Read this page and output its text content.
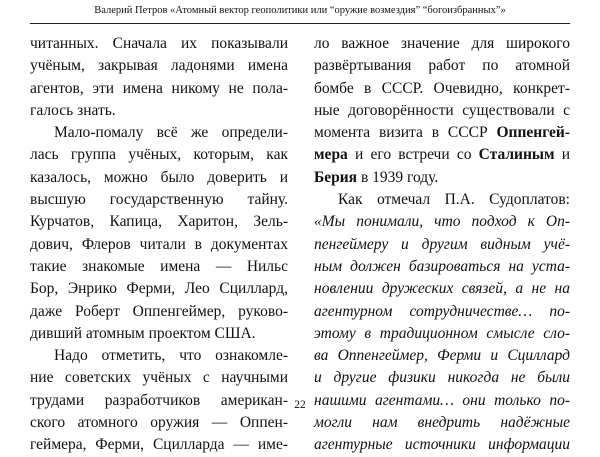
Валерий Петров «Атомный вектор геополитики или “оружие возмездия” “богоизбранных”»
читанных. Сначала их показывали
учёным, закрывая ладонями имена
агентов, эти имена никому не пола-
галось знать.
Мало-помалу всё же определи-
лась группа учёных, которым, как
казалось, можно было доверить и
высшую государственную тайну.
Курчатов, Капица, Харитон, Зель-
дович, Флеров читали в документах
такие знакомые имена — Нильс
Бор, Энрико Ферми, Лео Сциллард,
даже Роберт Оппенгеймер, руково-
дивший атомным проектом США.
Надо отметить, что ознакомле-
ние советских учёных с научными
трудами разработчиков американ-
ского атомного оружия — Оппен-
геймера, Ферми, Сциллардa — име-
ло важное значение для широкого
развёртывания работ по атомной
бомбе в СССР. Очевидно, конкрет-
ные договорённости существовали с
момента визита в СССР Оппенгей-
мера и его встречи со Сталиным и
Берия в 1939 году.
Как отмечал П.А. Судоплатов:
«Мы понимали, что подход к Оп-
пенгеймеру и другим видным учё-
ным должен базироваться на уста-
новлении дружеских связей, а не на
агентурном сотрудничестве… по-
этому в традиционном смысле сло-
ва Оппенгеймер, Ферми и Сциллард
и другие физики никогда не были
нашими агентами… они только по-
могли нам внедрить надёжные
агентурные источники информации
22
